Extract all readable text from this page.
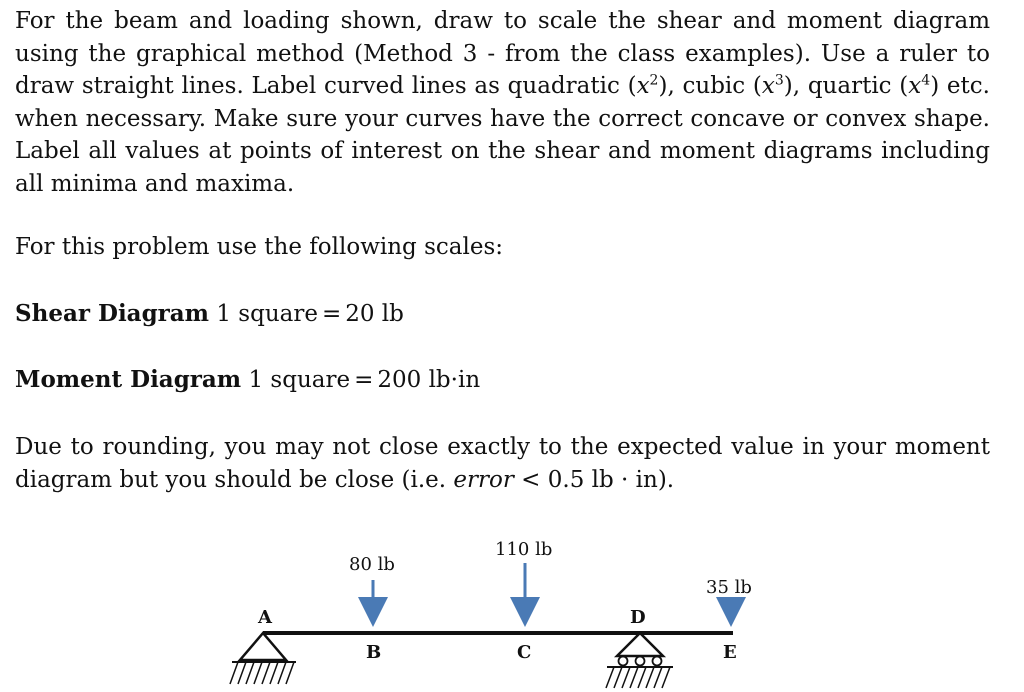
For the beam and loading shown, draw to scale the shear and moment diagram using the graphical method (Method 3 - from the class examples). Use a ruler to draw straight lines. Label curved lines as quadratic $(x^2)$, cubic $(x^3)$, quartic $(x^4)$ etc. when necessary. Make sure your curves have the correct concave or convex shape. Label all values at points of interest on the shear and moment diagrams including all minima and maxima.

For this problem use the following scales:

Shear Diagram 1 square = 20 lb

Moment Diagram 1 square = 200 lb·in

Due to rounding, you may not close exactly to the expected value in your moment diagram but you should be close (i.e. error < 0.5 lb · in).

80 lb
110 lb
35 lb
A
B	C
D
E
